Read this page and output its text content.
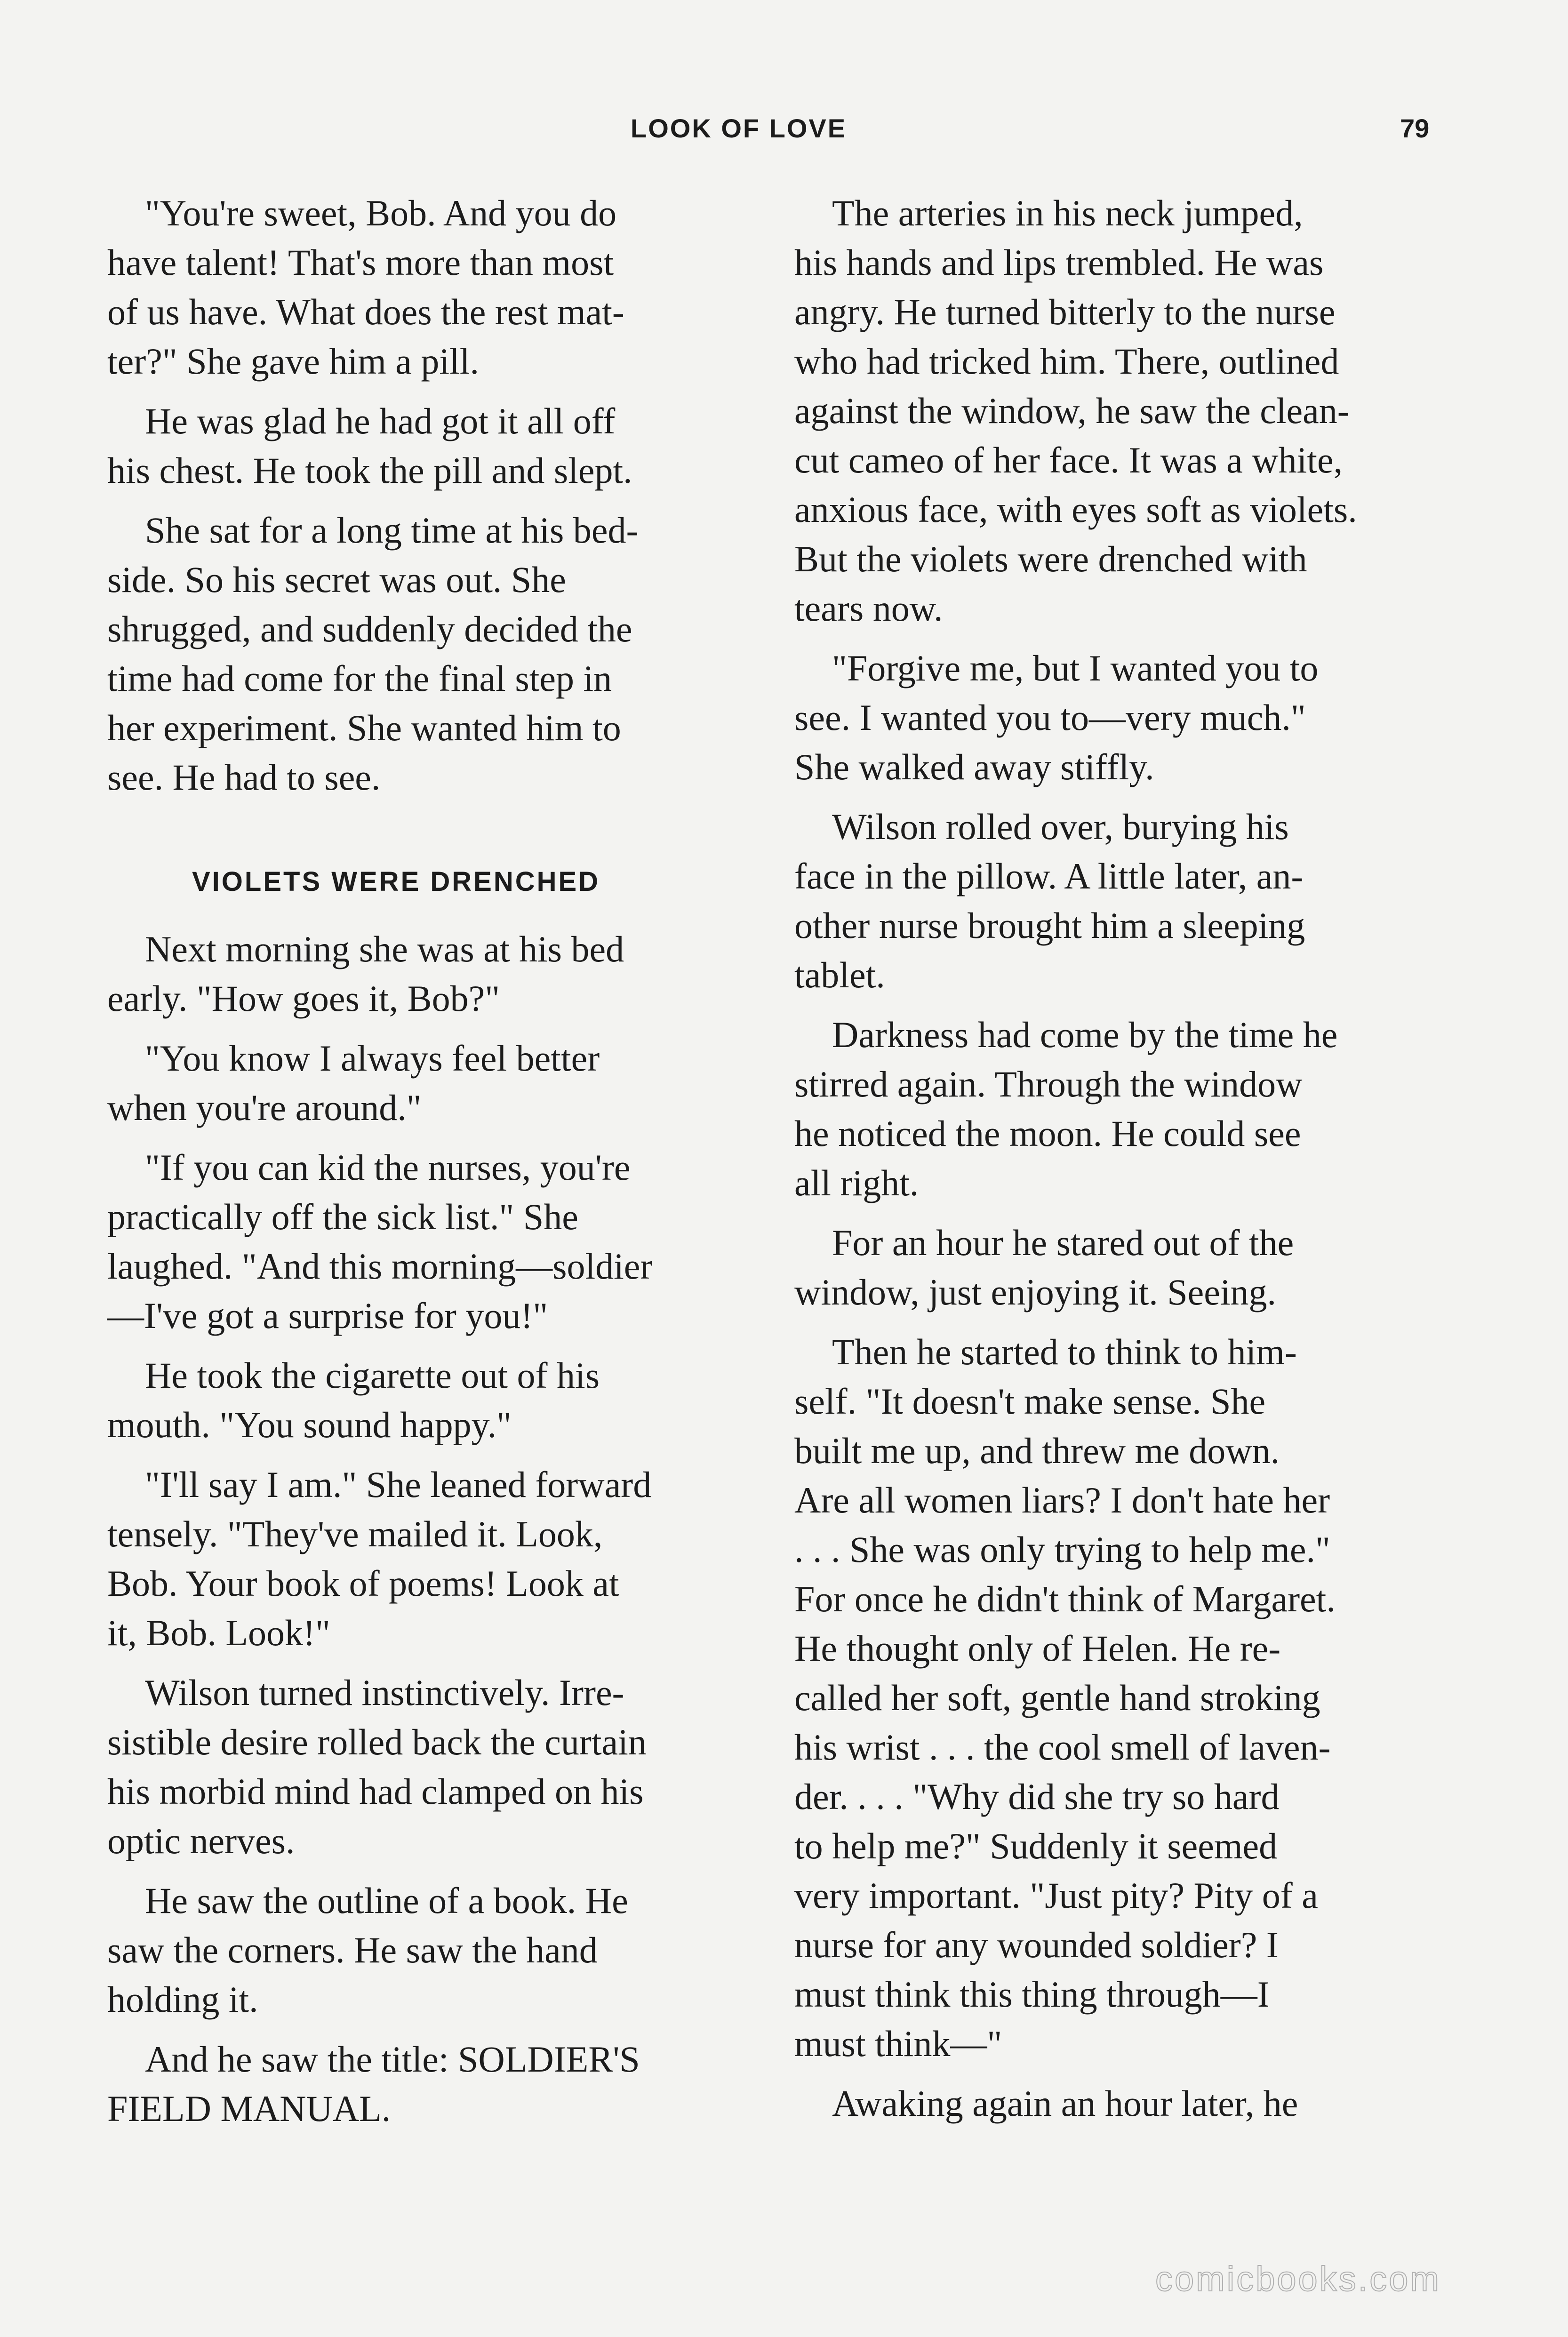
LOOK OF LOVE	79

"You're sweet, Bob. And you do
have talent! That's more than most
of us have. What does the rest mat-
ter?" She gave him a pill.

He was glad he had got it all off
his chest. He took the pill and slept.

She sat for a long time at his bed-
side. So his secret was out. She
shrugged, and suddenly decided the
time had come for the final step in
her experiment. She wanted him to
see. He had to see.

VIOLETS WERE DRENCHED

Next morning she was at his bed
early. "How goes it, Bob?"

"You know I always feel better
when you're around."

"If you can kid the nurses, you're
practically off the sick list." She
laughed. "And this morning—soldier
—I've got a surprise for you!"

He took the cigarette out of his
mouth. "You sound happy."

"I'll say I am." She leaned forward
tensely. "They've mailed it. Look,
Bob. Your book of poems! Look at
it, Bob. Look!"

Wilson turned instinctively. Irre-
sistible desire rolled back the curtain
his morbid mind had clamped on his
optic nerves.

He saw the outline of a book. He
saw the corners. He saw the hand
holding it.

And he saw the title: SOLDIER'S
FIELD MANUAL.

The arteries in his neck jumped,
his hands and lips trembled. He was
angry. He turned bitterly to the nurse
who had tricked him. There, outlined
against the window, he saw the clean-
cut cameo of her face. It was a white,
anxious face, with eyes soft as violets.
But the violets were drenched with
tears now.

"Forgive me, but I wanted you to
see. I wanted you to—very much."
She walked away stiffly.

Wilson rolled over, burying his
face in the pillow. A little later, an-
other nurse brought him a sleeping
tablet.

Darkness had come by the time he
stirred again. Through the window
he noticed the moon. He could see
all right.

For an hour he stared out of the
window, just enjoying it. Seeing.

Then he started to think to him-
self. "It doesn't make sense. She
built me up, and threw me down.
Are all women liars? I don't hate her
. . . She was only trying to help me."
For once he didn't think of Margaret.
He thought only of Helen. He re-
called her soft, gentle hand stroking
his wrist . . . the cool smell of laven-
der. . . . "Why did she try so hard
to help me?" Suddenly it seemed
very important. "Just pity? Pity of a
nurse for any wounded soldier? I
must think this thing through—I
must think—"

Awaking again an hour later, he

comicbooks.com
